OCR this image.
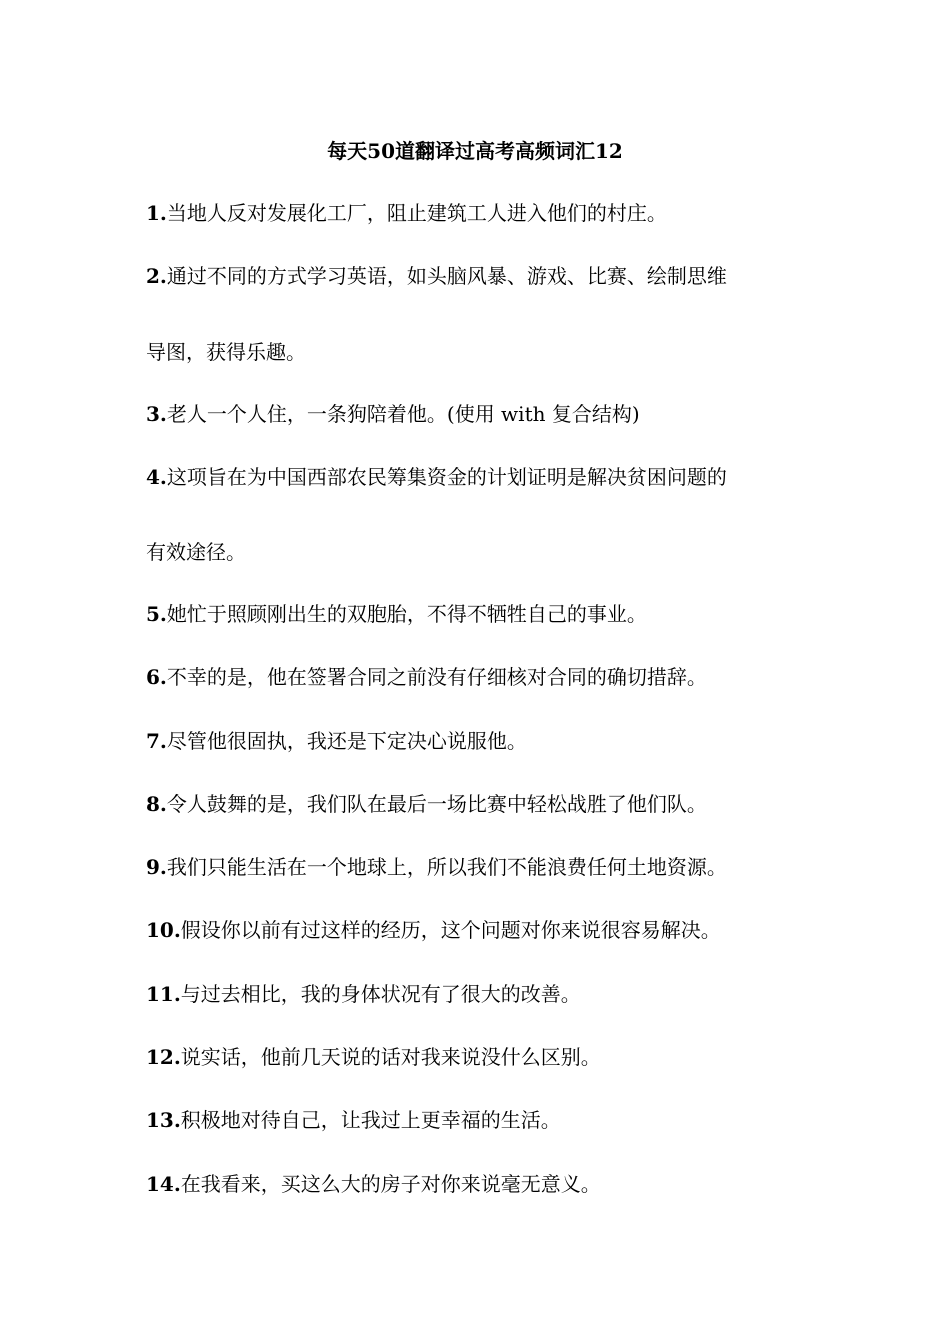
每天50道翻译过高考高频词汇12
1.当地人反对发展化工厂，阻止建筑工人进入他们的村庄。
2.通过不同的方式学习英语，如头脑风暴、游戏、比赛、绘制思维
导图，获得乐趣。
3.老人一个人住，一条狗陪着他。(使用 with 复合结构)
4.这项旨在为中国西部农民筹集资金的计划证明是解决贫困问题的
有效途径。
5.她忙于照顾刚出生的双胞胎，不得不牺牲自己的事业。
6.不幸的是，他在签署合同之前没有仔细核对合同的确切措辞。
7.尽管他很固执，我还是下定决心说服他。
8.令人鼓舞的是，我们队在最后一场比赛中轻松战胜了他们队。
9.我们只能生活在一个地球上，所以我们不能浪费任何土地资源。
10.假设你以前有过这样的经历，这个问题对你来说很容易解决。
11.与过去相比，我的身体状况有了很大的改善。
12.说实话，他前几天说的话对我来说没什么区别。
13.积极地对待自己，让我过上更幸福的生活。
14.在我看来，买这么大的房子对你来说毫无意义。
